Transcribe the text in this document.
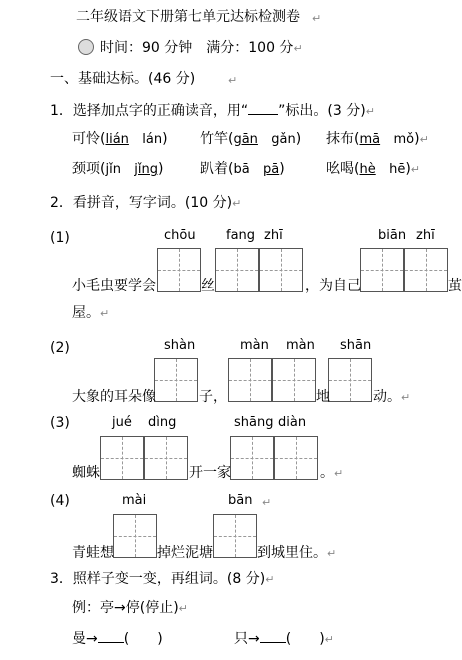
二年级语文下册第七单元达标检测卷 ↵
时间：90 分钟 满分：100 分↵
一、基础达标。(46 分)	↵
1．选择加点字的正确读音，用“ ”标出。(3 分)↵
可怜(lián lán) 竹竿(gān gǎn) 抹布(mā mǒ)↵
颈项(jǐn jǐng)	趴着(bā pā)	吆喝(hè hē)↵
2．看拼音，写字词。(10 分)↵
(1)	chōu fang zhī	biān zhī
小毛虫要学会	丝	，为自己	茧
屋。↵
(2)	shàn	màn màn shān
大象的耳朵像	子，	地	动。↵
(3)	jué dìng	shāng diàn
蜘蛛	开一家	。↵
(4)	mài	bān ↵
青蛙想	掉烂泥塘	到城里住。↵
3．照样子变一变，再组词。(8 分)↵
例：亭→停(停止)↵
曼→ ( )	只→ ( )↵
